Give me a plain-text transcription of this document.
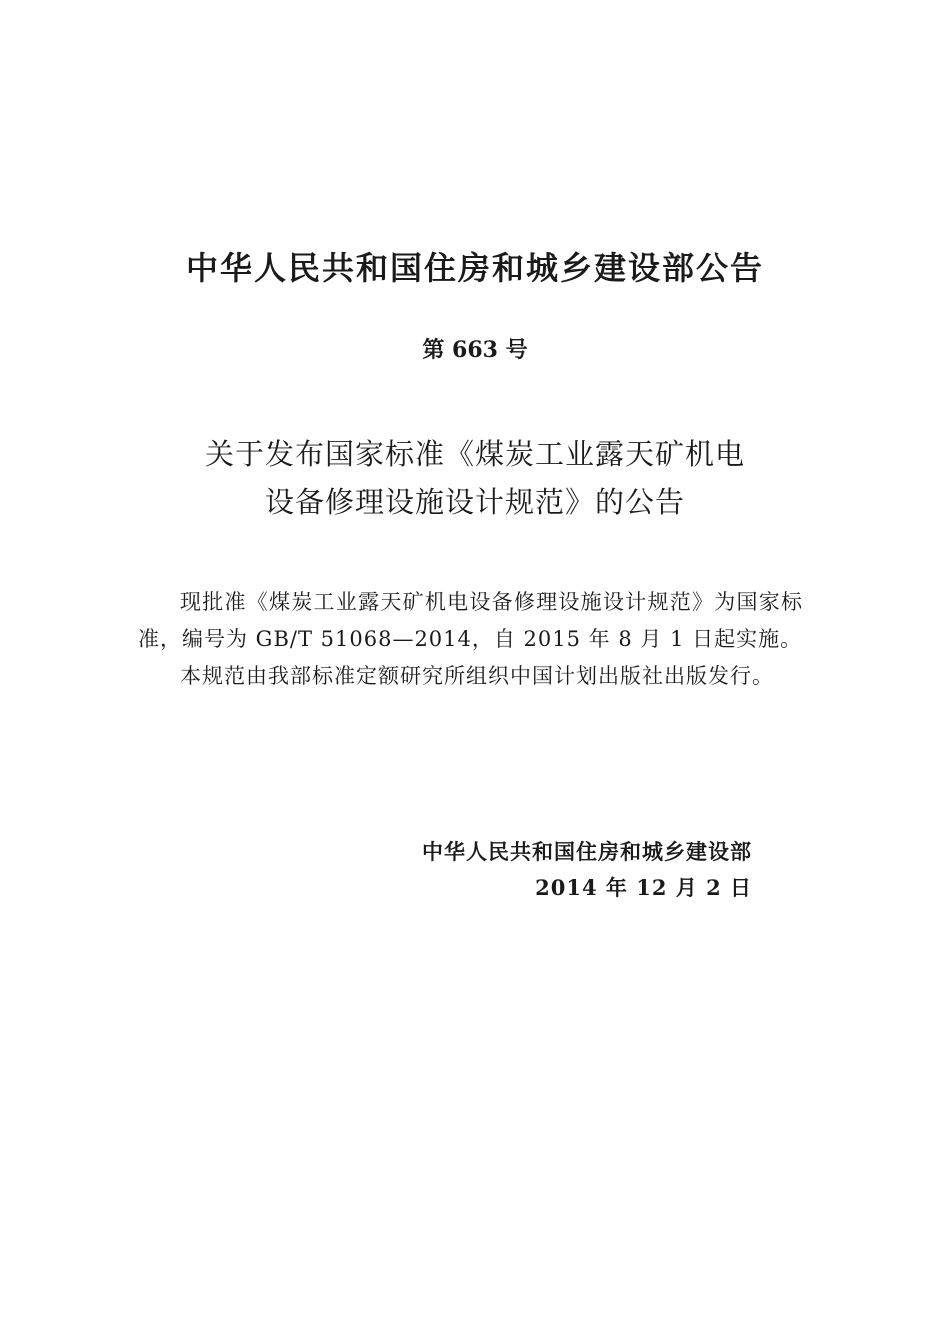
中华人民共和国住房和城乡建设部公告
第 663 号
关于发布国家标准《煤炭工业露天矿机电
设备修理设施设计规范》的公告

现批准《煤炭工业露天矿机电设备修理设施设计规范》为国家标准，编号为 GB/T 51068—2014，自 2015 年 8 月 1 日起实施。

本规范由我部标准定额研究所组织中国计划出版社出版发行。

中华人民共和国住房和城乡建设部
2014 年 12 月 2 日
